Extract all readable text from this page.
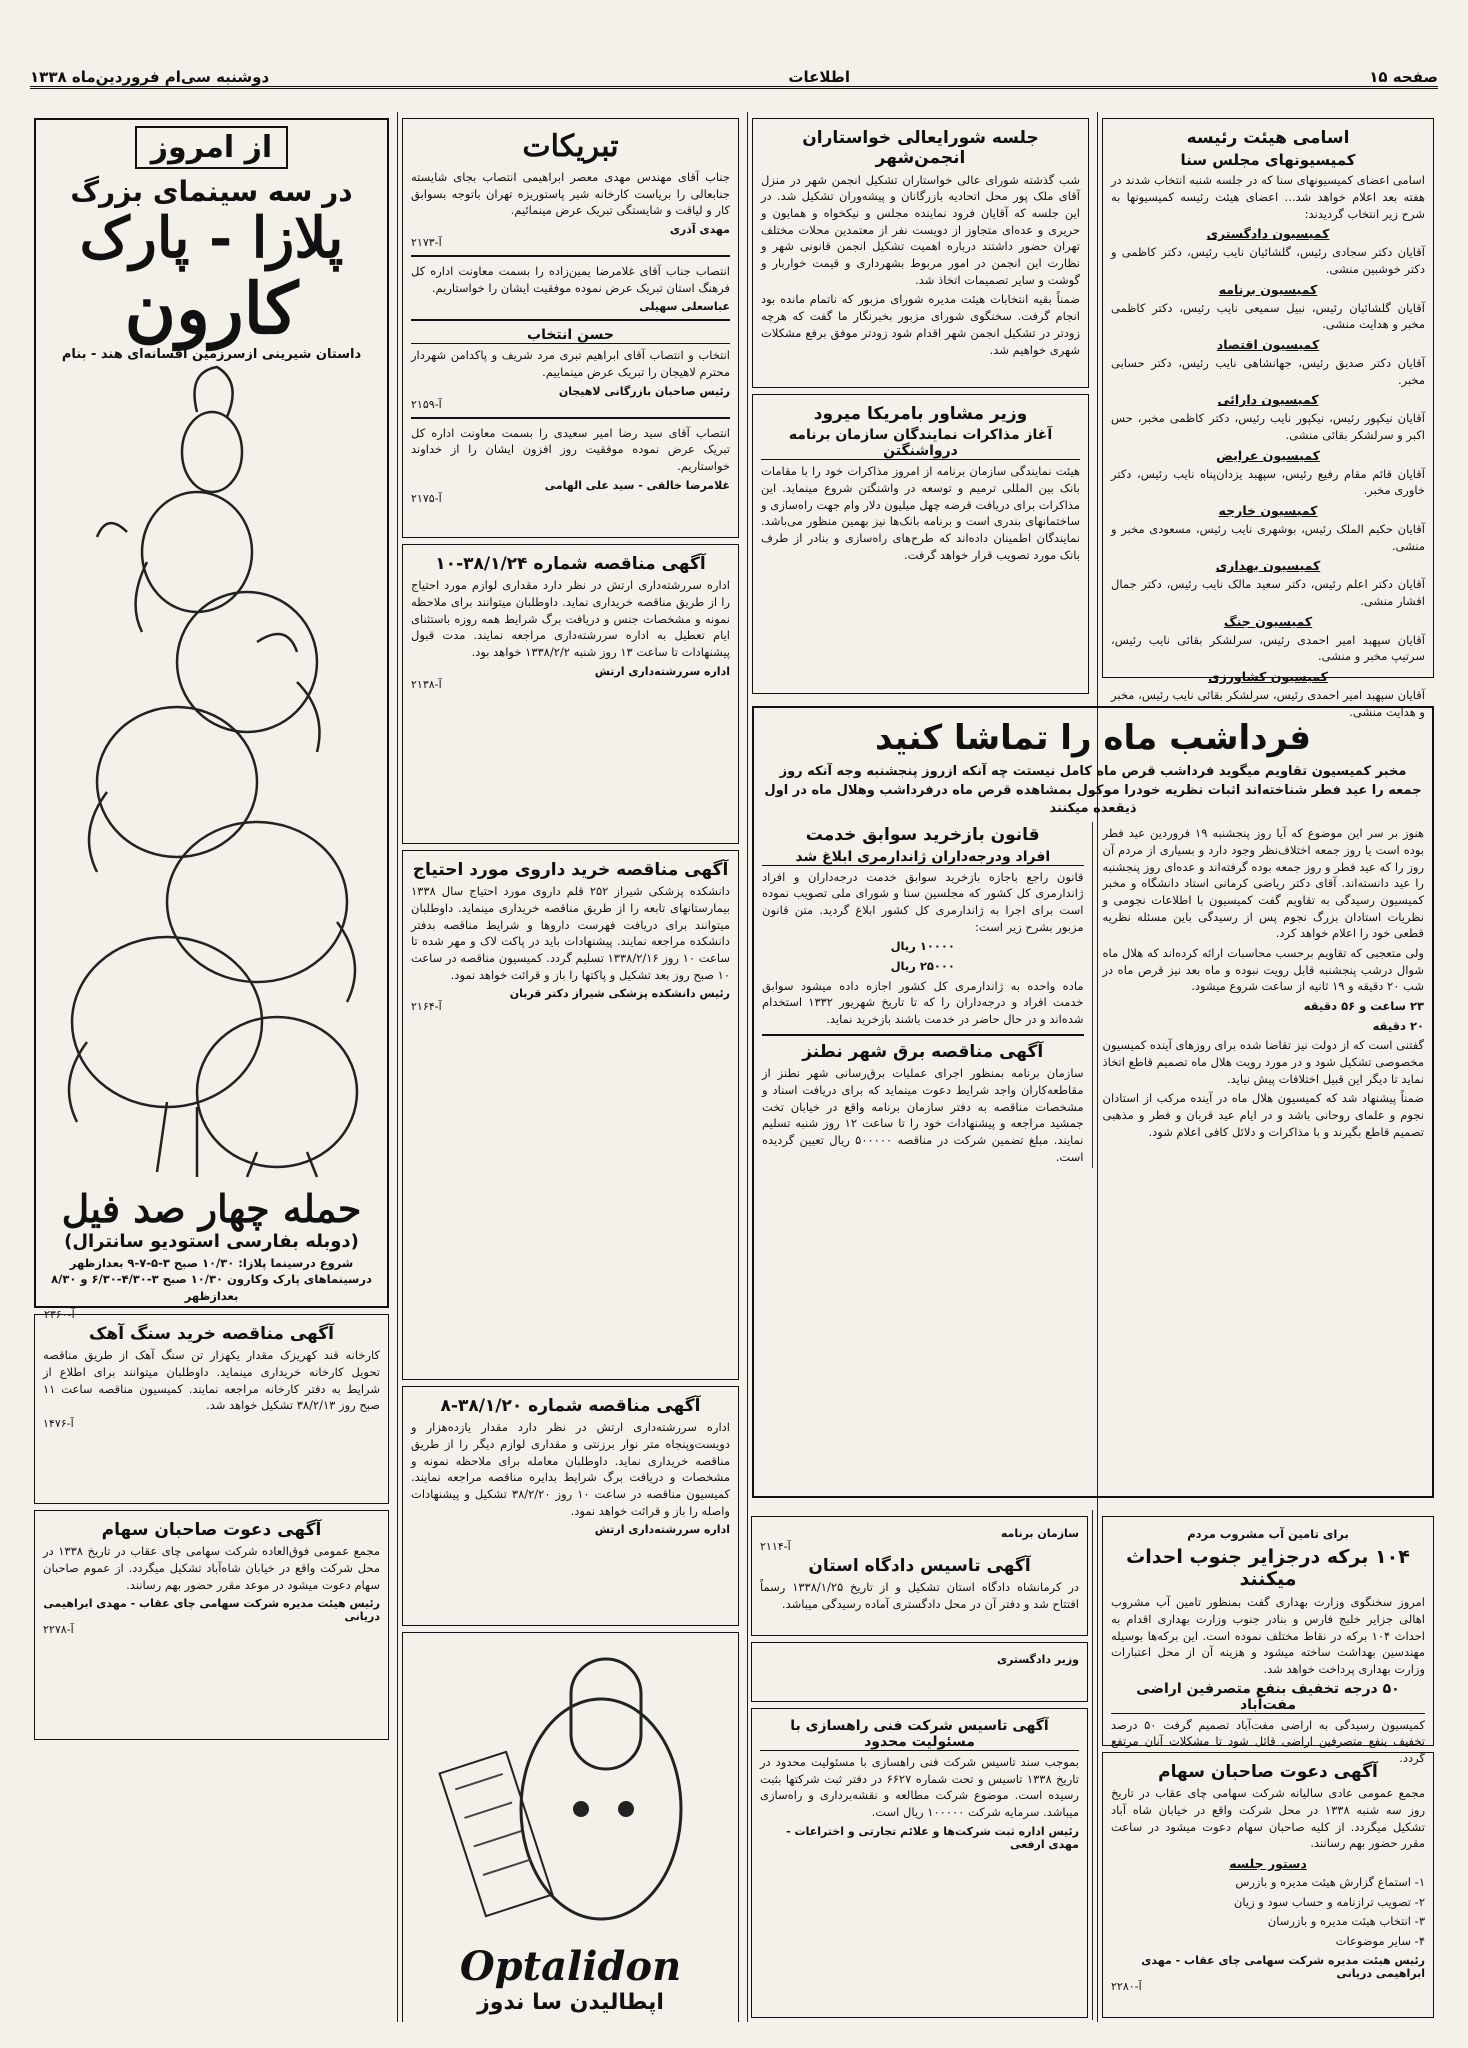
صفحه ۱۵
اطلاعات
دوشنبه سی‌ام فروردین‌ماه ۱۳۳۸
اسامی هیئت رئیسه
کمیسیونهای مجلس سنا
اسامی اعضای کمیسیونهای سنا که در جلسه شنبه انتخاب شدند در هفته بعد اعلام خواهد شد... اعضای هیئت رئیسه کمیسیونها به شرح زیر انتخاب گردیدند:
کمیسیون دادگستری
آقایان دکتر سجادی رئیس، گلشائیان نایب رئیس، دکتر کاظمی و دکتر خوشبین منشی.
کمیسیون برنامه
آقایان گلشائیان رئیس، نبیل سمیعی نایب رئیس، دکتر کاظمی مخبر و هدایت منشی.
کمیسیون اقتصاد
آقایان دکتر صدیق رئیس، جهانشاهی نایب رئیس، دکتر حسابی مخبر.
کمیسیون دارائی
آقایان نیکپور رئیس، نیکپور نایب رئیس، دکتر کاظمی مخبر، حس اکبر و سرلشکر بقائی منشی.
کمیسیون عرایض
آقایان قائم مقام رفیع رئیس، سپهبد یزدان‌پناه نایب رئیس، دکتر خاوری مخبر.
کمیسیون خارجه
آقایان حکیم الملک رئیس، بوشهری نایب رئیس، مسعودی مخبر و منشی.
کمیسیون بهداری
آقایان دکتر اعلم رئیس، دکتر سعید مالک نایب رئیس، دکتر جمال افشار منشی.
کمیسیون جنگ
آقایان سپهبد امیر احمدی رئیس، سرلشکر بقائی نایب رئیس، سرتیپ مخبر و منشی.
کمیسیون کشاورزی
آقایان سپهبد امیر احمدی رئیس، سرلشکر بقائی نایب رئیس، مخبر و هدایت منشی.
جلسه شورایعالی خواستاران انجمن‌شهر
شب گذشته شورای عالی خواستاران تشکیل انجمن شهر در منزل آقای ملک پور محل اتحادیه بازرگانان و پیشه‌وران تشکیل شد. در این جلسه که آقایان فرود نماینده مجلس و نیکخواه و همایون و حریری و عده‌ای متجاوز از دویست نفر از معتمدین محلات مختلف تهران حضور داشتند درباره اهمیت تشکیل انجمن قانونی شهر و نظارت این انجمن در امور مربوط بشهرداری و قیمت خواربار و گوشت و سایر تصمیمات اتخاذ شد.
ضمناً بقیه انتخابات هیئت مدیره شورای مزبور که ناتمام مانده بود انجام گرفت. سخنگوی شورای مزبور بخبرنگار ما گفت که هرچه زودتر در تشکیل انجمن شهر اقدام شود زودتر موفق برفع مشکلات شهری خواهیم شد.
وزیر مشاور بامریکا میرود
آغاز مذاکرات نمایندگان سازمان برنامه درواشنگتن
هیئت نمایندگی سازمان برنامه از امروز مذاکرات خود را با مقامات بانک بین المللی ترمیم و توسعه در واشنگتن شروع مینماید. این مذاکرات برای دریافت قرضه چهل میلیون دلار وام جهت راه‌سازی و ساختمانهای بندری است و برنامه بانک‌ها نیز بهمین منظور می‌باشد. نمایندگان اطمینان داده‌اند که طرح‌های راه‌سازی و بنادر از طرف بانک مورد تصویب قرار خواهد گرفت.
فرداشب ماه را تماشا کنید
مخبر کمیسیون تقاویم میگوید فرداشب قرص ماه کامل نیستت چه آنکه ازروز پنجشنبه وجه آنکه روز جمعه را عید فطر شناخته‌اند اثبات نظریه خودرا موکول بمشاهده قرص ماه درفرداشب وهلال ماه در اول ذیقعده میکنند
هنوز بر سر این موضوع که آیا روز پنجشنبه ۱۹ فروردین عید فطر بوده است یا روز جمعه اختلاف‌نظر وجود دارد و بسیاری از مردم آن روز را که عید فطر و روز جمعه بوده گرفته‌اند و عده‌ای روز پنجشنبه را عید دانسته‌اند. آقای دکتر ریاضی کرمانی استاد دانشگاه و مخبر کمیسیون رسیدگی به تقاویم گفت کمیسیون با اطلاعات نجومی و نظریات استادان بزرگ نجوم پس از رسیدگی باین مسئله نظریه قطعی خود را اعلام خواهد کرد.
ولی متعجبی که تقاویم برحسب محاسبات ارائه کرده‌اند که هلال ماه شوال درشب پنجشنبه قابل رویت نبوده و ماه بعد نیز قرص ماه در شب ۲۰ دقیقه و ۱۹ ثانیه از ساعت شروع میشود.
۲۳ ساعت و ۵۶ دقیقه
۲۰ دقیقه
گفتنی است که از دولت نیز تقاضا شده برای روزهای آینده کمیسیون مخصوصی تشکیل شود و در مورد رویت هلال ماه تصمیم قاطع اتخاذ نماید تا دیگر این قبیل اختلافات پیش نیاید.
ضمناً پیشنهاد شد که کمیسیون هلال ماه در آینده مرکب از استادان نجوم و علمای روحانی باشد و در ایام عید قربان و فطر و مذهبی تصمیم قاطع بگیرند و با مذاکرات و دلائل کافی اعلام شود.
قانون بازخرید سوابق خدمت
افراد ودرجه‌داران ژاندارمری ابلاغ شد
قانون راجع باجازه بازخرید سوابق خدمت درجه‌داران و افراد ژاندارمری کل کشور که مجلسین سنا و شورای ملی تصویب نموده است برای اجرا به ژاندارمری کل کشور ابلاغ گردید. متن قانون مزبور بشرح زیر است:
۱۰۰۰۰ ریال
۲۵۰۰۰ ریال
ماده واحده به ژاندارمری کل کشور اجازه داده میشود سوابق خدمت افراد و درجه‌داران را که تا تاریخ شهریور ۱۳۳۲ استخدام شده‌اند و در حال حاضر در خدمت باشند بازخرید نماید.
آگهی مناقصه برق شهر نطنز
سازمان برنامه بمنظور اجرای عملیات برق‌رسانی شهر نطنز از مقاطعه‌کاران واجد شرایط دعوت مینماید که برای دریافت اسناد و مشخصات مناقصه به دفتر سازمان برنامه واقع در خیابان تخت جمشید مراجعه و پیشنهادات خود را تا ساعت ۱۲ روز شنبه تسلیم نمایند. مبلغ تضمین شرکت در مناقصه ۵۰۰۰۰۰ ریال تعیین گردیده است.
برای تامین آب مشروب مردم
۱۰۴ برکه درجزایر جنوب احداث میکنند
امروز سخنگوی وزارت بهداری گفت بمنظور تامین آب مشروب اهالی جزایر خلیج فارس و بنادر جنوب وزارت بهداری اقدام به احداث ۱۰۴ برکه در نقاط مختلف نموده است. این برکه‌ها بوسیله مهندسین بهداشت ساخته میشود و هزینه آن از محل اعتبارات وزارت بهداری پرداخت خواهد شد.
۵۰ درجه تخفیف بنفع متصرفین اراضی مفت‌آباد
کمیسیون رسیدگی به اراضی مفت‌آباد تصمیم گرفت ۵۰ درصد تخفیف بنفع متصرفین اراضی قائل شود تا مشکلات آنان مرتفع گردد.
آگهی دعوت صاحبان سهام
مجمع عمومی عادی سالیانه شرکت سهامی چای عقاب در تاریخ روز سه شنبه ۱۳۳۸ در محل شرکت واقع در خیابان شاه آباد تشکیل میگردد. از کلیه صاحبان سهام دعوت میشود در ساعت مقرر حضور بهم رسانند.
دستور جلسه
۱- استماع گزارش هیئت مدیره و بازرس
۲- تصویب ترازنامه و حساب سود و زیان
۳- انتخاب هیئت مدیره و بازرسان
۴- سایر موضوعات
رئیس هیئت مدیره شرکت سهامی چای عقاب - مهدی ابراهیمی دریانی
آ-۲۲۸۰
سازمان برنامه
آ-۲۱۱۴
آگهی تاسیس دادگاه استان
در کرمانشاه دادگاه استان تشکیل و از تاریخ ۱۳۳۸/۱/۲۵ رسماً افتتاح شد و دفتر آن در محل دادگستری آماده رسیدگی میباشد.
وزیر دادگستری
آگهی تاسیس شرکت فنی راهسازی با مسئولیت محدود
بموجب سند تاسیس شرکت فنی راهسازی با مسئولیت محدود در تاریخ ۱۳۳۸ تاسیس و تحت شماره ۶۶۲۷ در دفتر ثبت شرکتها بثبت رسیده است. موضوع شرکت مطالعه و نقشه‌برداری و راه‌سازی میباشد. سرمایه شرکت ۱۰۰۰۰۰ ریال است.
رئیس اداره ثبت شرکت‌ها و علائم تجارتی و اختراعات - مهدی ارفعی
تبریکات
جناب آقای مهندس مهدی معصر ابراهیمی انتصاب بجای شایسته جنابعالی را بریاست کارخانه شیر پاستوریزه تهران باتوجه بسوابق کار و لیاقت و شایستگی تبریک عرض مینمائیم.
مهدی آذری
آ-۲۱۷۳
انتصاب جناب آقای غلامرضا یمین‌زاده را بسمت معاونت اداره کل فرهنگ استان تبریک عرض نموده موفقیت ایشان را خواستاریم.
عباسعلی سهیلی
حسن انتخاب
انتخاب و انتصاب آقای ابراهیم تبری مرد شریف و پاکدامن شهردار محترم لاهیجان را تبریک عرض مینماییم.
رئیس صاحبان بازرگانی لاهیجان
آ-۲۱۵۹
انتصاب آقای سید رضا امیر سعیدی را بسمت معاونت اداره کل تبریک عرض نموده موفقیت روز افزون ایشان را از خداوند خواستاریم.
غلامرضا خالقی - سید علی الهامی
آ-۲۱۷۵
آگهی مناقصه شماره ۳۸/۱/۲۴-۱۰
اداره سررشته‌داری ارتش در نظر دارد مقداری لوازم مورد احتیاج را از طریق مناقصه خریداری نماید. داوطلبان میتوانند برای ملاحظه نمونه و مشخصات جنس و دریافت برگ شرایط همه روزه باستثنای ایام تعطیل به اداره سررشته‌داری مراجعه نمایند. مدت قبول پیشنهادات تا ساعت ۱۳ روز شنبه ۱۳۳۸/۲/۲ خواهد بود.
اداره سررشته‌داری ارتش
آ-۲۱۳۸
آگهی مناقصه خرید داروی مورد احتیاج
دانشکده پزشکی شیراز ۲۵۲ قلم داروی مورد احتیاج سال ۱۳۳۸ بیمارستانهای تابعه را از طریق مناقصه خریداری مینماید. داوطلبان میتوانند برای دریافت فهرست داروها و شرایط مناقصه بدفتر دانشکده مراجعه نمایند. پیشنهادات باید در پاکت لاک و مهر شده تا ساعت ۱۰ روز ۱۳۳۸/۲/۱۶ تسلیم گردد. کمیسیون مناقصه در ساعت ۱۰ صبح روز بعد تشکیل و پاکتها را باز و قرائت خواهد نمود.
رئیس دانشکده پزشکی شیراز دکتر قربان
آ-۲۱۶۴
آگهی مناقصه شماره ۳۸/۱/۲۰-۸
اداره سررشته‌داری ارتش در نظر دارد مقدار یازده‌هزار و دویست‌وپنجاه متر نوار برزنتی و مقداری لوازم دیگر را از طریق مناقصه خریداری نماید. داوطلبان معامله برای ملاحظه نمونه و مشخصات و دریافت برگ شرایط بدایره مناقصه مراجعه نمایند. کمیسیون مناقصه در ساعت ۱۰ روز ۳۸/۲/۲۰ تشکیل و پیشنهادات واصله را باز و قرائت خواهد نمود.
اداره سررشته‌داری ارتش
Optalidon
اپطالیدن سا ندوز
از امروز
در سه سینمای بزرگ
پلازا - پارک
کارون
داستان شیرینی ازسرزمین افسانه‌ای هند - بنام
حمله چهار صد فیل
(دوبله بفارسی استودیو سانترال)
شروع درسینما پلازا: ۱۰/۳۰ صبح ۳-۵-۷-۹ بعدازظهر درسینماهای پارک وکارون ۱۰/۳۰ صبح ۳-۴/۳۰-۶/۳۰ و ۸/۳۰ بعدازظهر
آ-۲۳۶۰
آگهی مناقصه خرید سنگ آهک
کارخانه قند کهریزک مقدار یکهزار تن سنگ آهک از طریق مناقصه تحویل کارخانه خریداری مینماید. داوطلبان میتوانند برای اطلاع از شرایط به دفتر کارخانه مراجعه نمایند. کمیسیون مناقصه ساعت ۱۱ صبح روز ۳۸/۲/۱۳ تشکیل خواهد شد.
آ-۱۴۷۶
آگهی دعوت صاحبان سهام
مجمع عمومی فوق‌العاده شرکت سهامی چای عقاب در تاریخ ۱۳۳۸ در محل شرکت واقع در خیابان شاه‌آباد تشکیل میگردد. از عموم صاحبان سهام دعوت میشود در موعد مقرر حضور بهم رسانند.
رئیس هیئت مدیره شرکت سهامی چای عقاب - مهدی ابراهیمی دریانی
آ-۲۲۷۸
